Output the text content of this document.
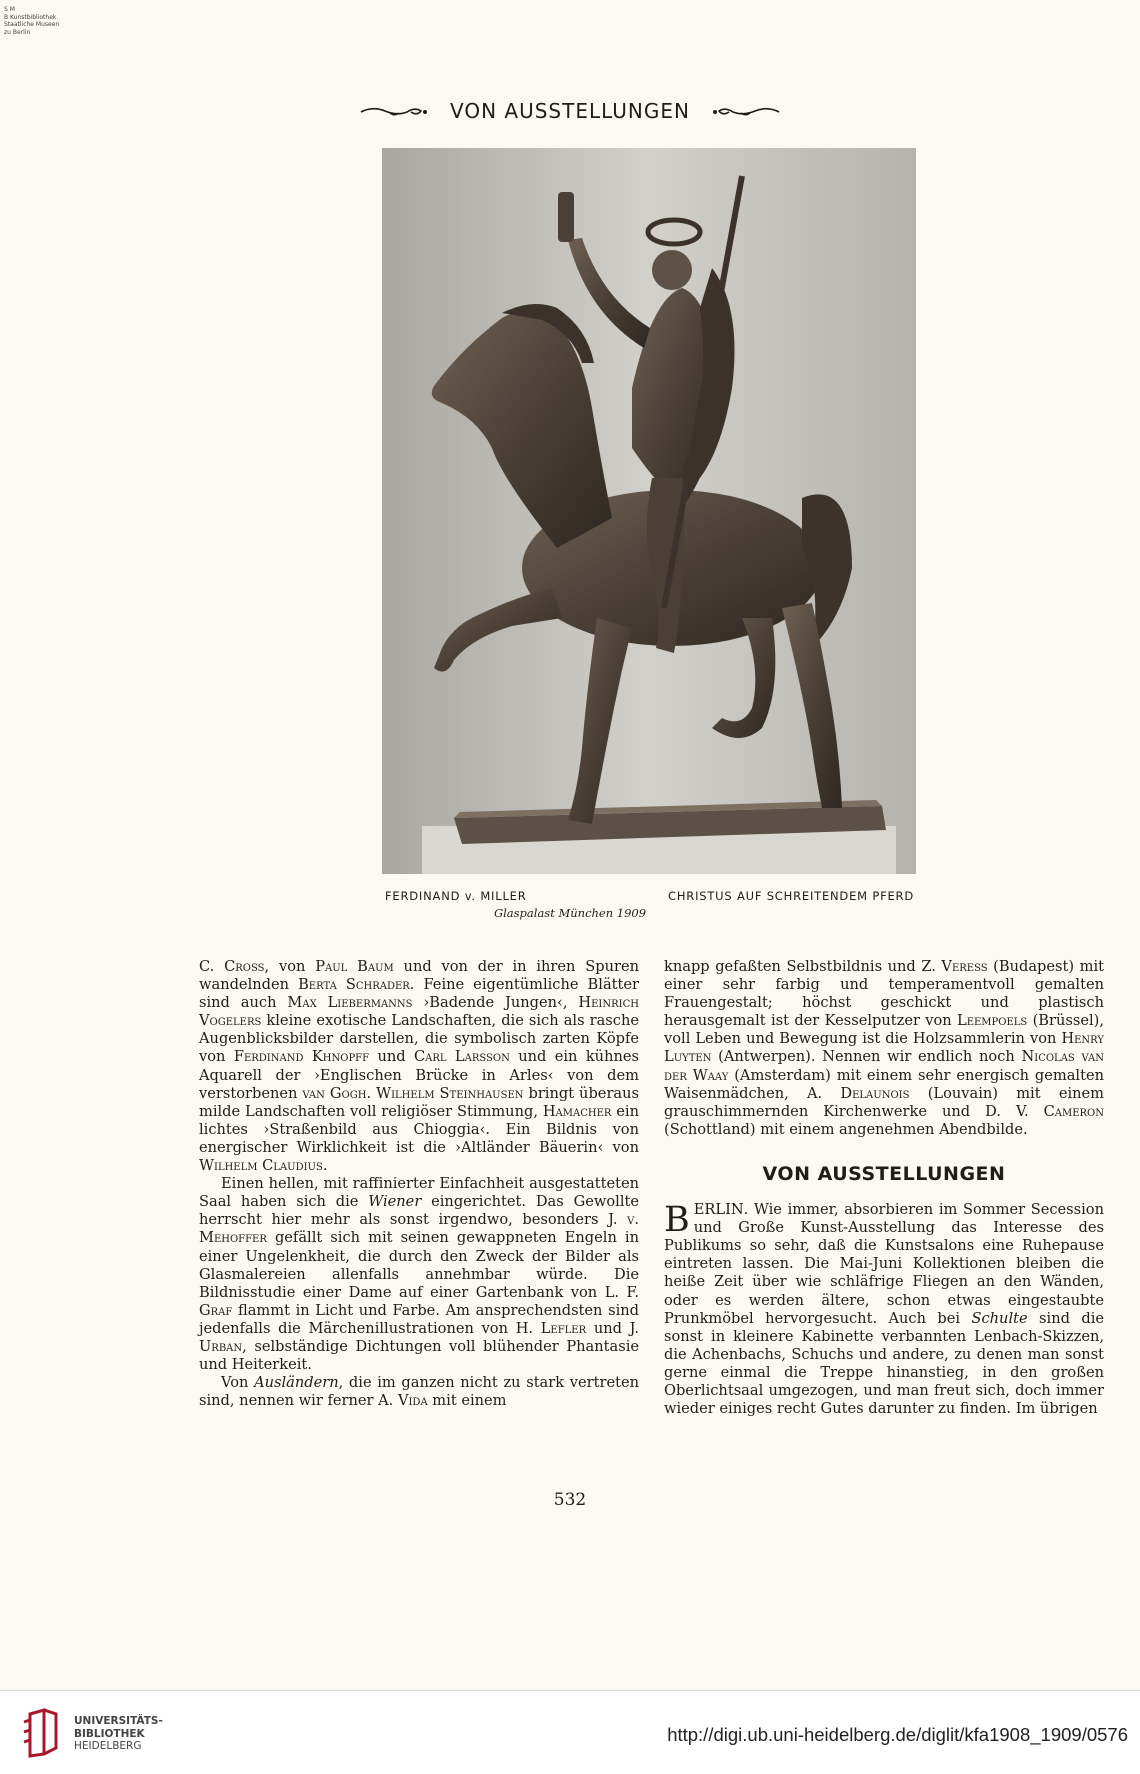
S M
B Kunstbibliothek
Staatliche Museen
zu Berlin
VON AUSSTELLUNGEN
FERDINAND v. MILLER	CHRISTUS AUF SCHREITENDEM PFERD
Glaspalast München 1909

C. Cross, von Paul Baum und von der in ihren Spuren wandelnden Berta Schrader. Feine eigentümliche Blätter sind auch Max Liebermanns ›Badende Jungen‹, Heinrich Vogelers kleine exotische Landschaften, die sich als rasche Augenblicksbilder darstellen, die symbolisch zarten Köpfe von Ferdinand Khnopff und Carl Larsson und ein kühnes Aquarell der ›Englischen Brücke in Arles‹ von dem verstorbenen van Gogh. Wilhelm Steinhausen bringt überaus milde Landschaften voll religiöser Stimmung, Hamacher ein lichtes ›Straßenbild aus Chioggia‹. Ein Bildnis von energischer Wirklichkeit ist die ›Altländer Bäuerin‹ von Wilhelm Claudius.

Einen hellen, mit raffinierter Einfachheit ausgestatteten Saal haben sich die Wiener eingerichtet. Das Gewollte herrscht hier mehr als sonst irgendwo, besonders J. v. Mehoffer gefällt sich mit seinen gewappneten Engeln in einer Ungelenkheit, die durch den Zweck der Bilder als Glasmalereien allenfalls annehmbar würde. Die Bildnisstudie einer Dame auf einer Gartenbank von L. F. Graf flammt in Licht und Farbe. Am ansprechendsten sind jedenfalls die Märchenillustrationen von H. Lefler und J. Urban, selbständige Dichtungen voll blühender Phantasie und Heiterkeit.

Von Ausländern, die im ganzen nicht zu stark vertreten sind, nennen wir ferner A. Vida mit einem

knapp gefaßten Selbstbildnis und Z. Veress (Budapest) mit einer sehr farbig und temperamentvoll gemalten Frauengestalt; höchst geschickt und plastisch herausgemalt ist der Kesselputzer von Leempoels (Brüssel), voll Leben und Bewegung ist die Holzsammlerin von Henry Luyten (Antwerpen). Nennen wir endlich noch Nicolas van der Waay (Amsterdam) mit einem sehr energisch gemalten Waisenmädchen, A. Delaunois (Louvain) mit einem grauschimmernden Kirchenwerke und D. V. Cameron (Schottland) mit einem angenehmen Abendbilde.

VON AUSSTELLUNGEN

BERLIN. Wie immer, absorbieren im Sommer Secession und Große Kunst-Ausstellung das Interesse des Publikums so sehr, daß die Kunstsalons eine Ruhepause eintreten lassen. Die Mai-Juni Kollektionen bleiben die heiße Zeit über wie schläfrige Fliegen an den Wänden, oder es werden ältere, schon etwas eingestaubte Prunkmöbel hervorgesucht. Auch bei Schulte sind die sonst in kleinere Kabinette verbannten Lenbach-Skizzen, die Achenbachs, Schuchs und andere, zu denen man sonst gerne einmal die Treppe hinanstieg, in den großen Oberlichtsaal umgezogen, und man freut sich, doch immer wieder einiges recht Gutes darunter zu finden. Im übrigen

532
UNIVERSITÄTS-
BIBLIOTHEK
HEIDELBERG
http://digi.ub.uni-heidelberg.de/diglit/kfa1908_1909/0576
